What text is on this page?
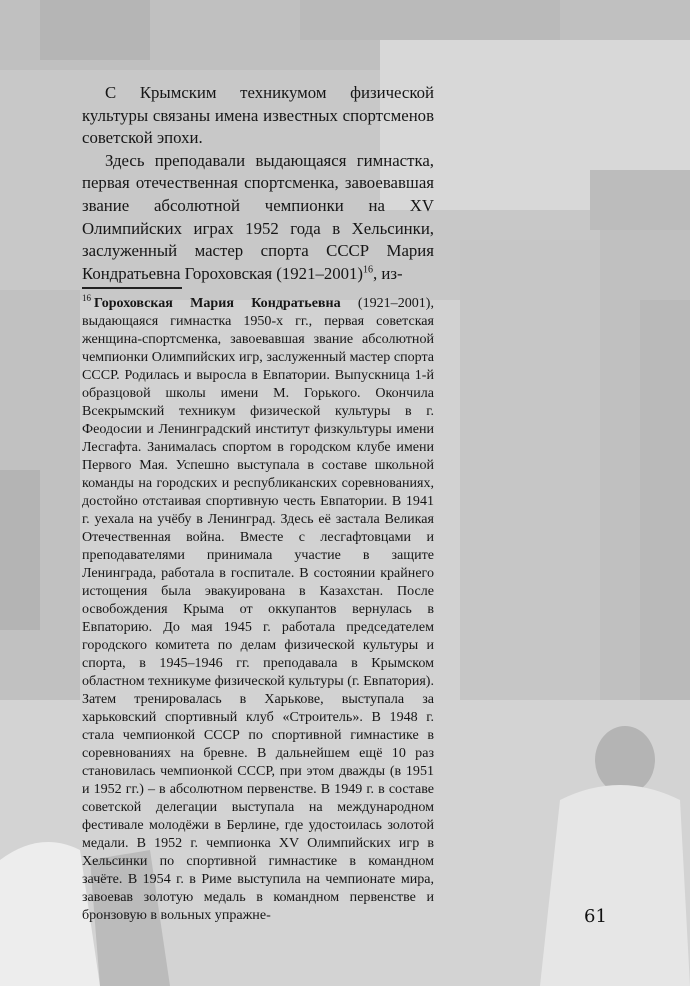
С Крымским техникумом физической культуры связаны имена известных спортсменов советской эпохи.

Здесь преподавали выдающаяся гимнастка, первая отечественная спортсменка, завоевавшая звание абсолютной чемпионки на XV Олимпийских играх 1952 года в Хельсинки, заслуженный мастер спорта СССР Мария Кондратьевна Гороховская (1921–2001)$^{16}$, из-

$^{16}$ Гороховская Мария Кондратьевна (1921–2001), выдающаяся гимнастка 1950-х гг., первая советская женщина-спортсменка, завоевавшая звание абсолютной чемпионки Олимпийских игр, заслуженный мастер спорта СССР. Родилась и выросла в Евпатории. Выпускница 1-й образцовой школы имени М. Горького. Окончила Всекрымский техникум физической культуры в г. Феодосии и Ленинградский институт физкультуры имени Лесгафта. Занималась спортом в городском клубе имени Первого Мая. Успешно выступала в составе школьной команды на городских и республиканских соревнованиях, достойно отстаивая спортивную честь Евпатории. В 1941 г. уехала на учёбу в Ленинград. Здесь её застала Великая Отечественная война. Вместе с лесгафтовцами и преподавателями принимала участие в защите Ленинграда, работала в госпитале. В состоянии крайнего истощения была эвакуирована в Казахстан. После освобождения Крыма от оккупантов вернулась в Евпаторию. До мая 1945 г. работала председателем городского комитета по делам физической культуры и спорта, в 1945–1946 гг. преподавала в Крымском областном техникуме физической культуры (г. Евпатория). Затем тренировалась в Харькове, выступала за харьковский спортивный клуб «Строитель». В 1948 г. стала чемпионкой СССР по спортивной гимнастике в соревнованиях на бревне. В дальнейшем ещё 10 раз становилась чемпионкой СССР, при этом дважды (в 1951 и 1952 гг.) – в абсолютном первенстве. В 1949 г. в составе советской делегации выступала на международном фестивале молодёжи в Берлине, где удостоилась золотой медали. В 1952 г. чемпионка XV Олимпийских игр в Хельсинки по спортивной гимнастике в командном зачёте. В 1954 г. в Риме выступила на чемпионате мира, завоевав золотую медаль в командном первенстве и бронзовую в вольных упражне-	61
